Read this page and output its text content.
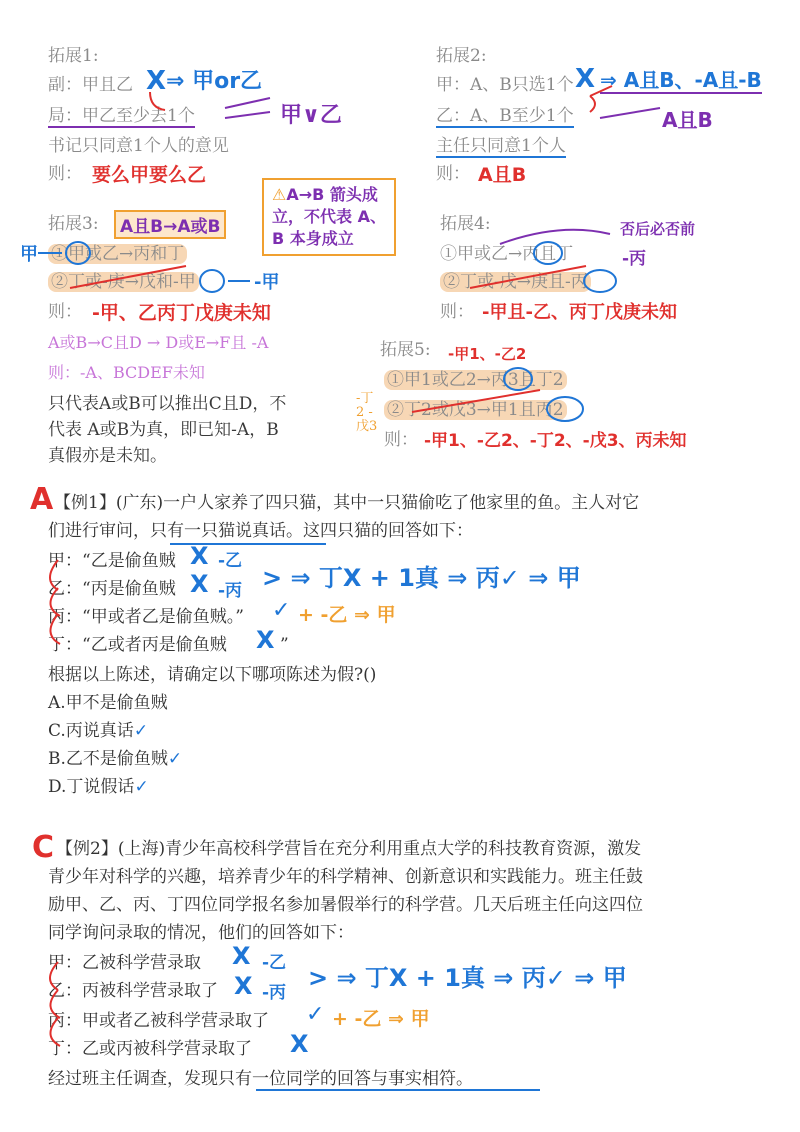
拓展1:
副：甲且乙 X ⇒ 甲or乙
局：甲乙至少去1个	甲∨乙
书记只同意1个人的意见
则： 要么甲要么乙
拓展2:
甲：A、B只选1个 X ⇒ A且B、-A且-B
乙：A、B至少1个	A且B
主任只同意1个人
则： A且B
⚠A→B 箭头成
立，不代表 A、
B 本身成立
拓展3:	A且B→A或B
甲 ①甲或乙→丙和丁
②丁或-庚→戊和-甲	-甲
则： -甲、乙丙丁戊庚未知
A或B→C且D → D或E→F且 -A
则：-A、BCDEF未知
只代表A或B可以推出C且D，不
代表 A或B为真，即已知-A，B
真假亦是未知。
拓展4:	否后必否前
-丙
①甲或乙→丙且丁
②丁或-戊→庚且-丙
则： -甲且-乙、丙丁戊庚未知
拓展5: -甲1、-乙2
-丁2 -戊3
①甲1或乙2→丙3且丁2
②丁2或戊3→甲1且丙2
则： -甲1、-乙2、-丁2、-戊3、丙未知
A 【例1】(广东)一户人家养了四只猫，其中一只猫偷吃了他家里的鱼。主人对它
们进行审问，只有一只猫说真话。这四只猫的回答如下：
甲：“乙是偷鱼贼 X -乙
乙：“丙是偷鱼贼 X -丙 > ⇒ 丁X + 1真 ⇒ 丙✓ ⇒ 甲
丙：“甲或者乙是偷鱼贼。” ✓ + -乙 ⇒ 甲
丁：“乙或者丙是偷鱼贼 X ”
根据以上陈述，请确定以下哪项陈述为假?()
A.甲不是偷鱼贼
C.丙说真话✓
B.乙不是偷鱼贼✓
D.丁说假话✓
C 【例2】(上海)青少年高校科学营旨在充分利用重点大学的科技教育资源，激发
青少年对科学的兴趣，培养青少年的科学精神、创新意识和实践能力。班主任鼓
励甲、乙、丙、丁四位同学报名参加暑假举行的科学营。几天后班主任向这四位
同学询问录取的情况，他们的回答如下：
甲：乙被科学营录取 X -乙
乙：丙被科学营录取了 X -丙
> ⇒ 丁X + 1真 ⇒ 丙✓ ⇒ 甲
丙：甲或者乙被科学营录取了 ✓ + -乙 ⇒ 甲
丁：乙或丙被科学营录取了 X
经过班主任调查，发现只有一位同学的回答与事实相符。
